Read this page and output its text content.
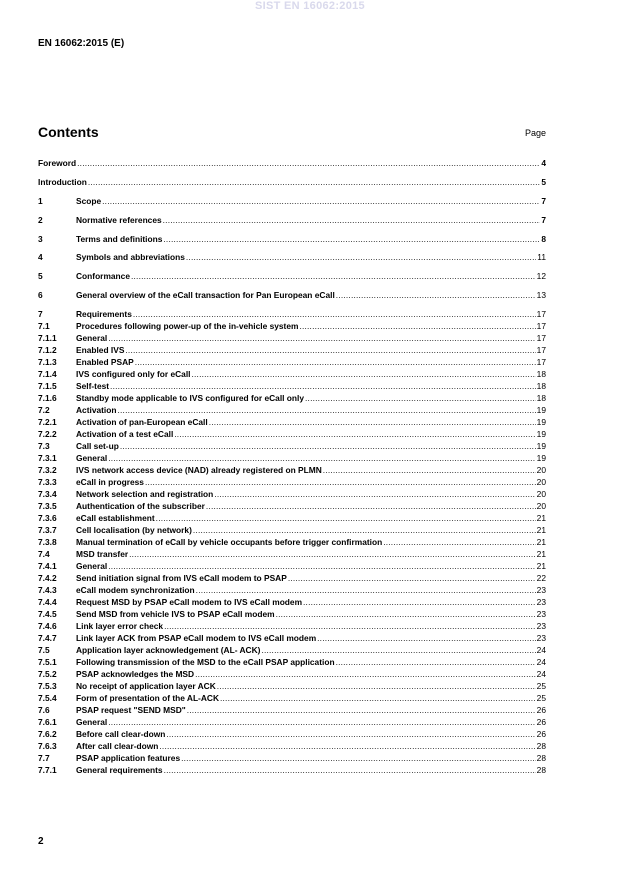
SIST EN 16062:2015
EN 16062:2015 (E)
Contents	Page
Foreword .....	4
Introduction .....	5
1	Scope .....	7
2	Normative references .....	7
3	Terms and definitions .....	8
4	Symbols and abbreviations .....	11
5	Conformance .....	12
6	General overview of the eCall transaction for Pan European eCall .....	13
7	Requirements .....	17
7.1	Procedures following power-up of the in-vehicle system .....	17
7.1.1	General .....	17
7.1.2	Enabled IVS .....	17
7.1.3	Enabled PSAP .....	17
7.1.4	IVS configured only for eCall .....	18
7.1.5	Self-test .....	18
7.1.6	Standby mode applicable to IVS configured for eCall only .....	18
7.2	Activation .....	19
7.2.1	Activation of pan-European eCall .....	19
7.2.2	Activation of a test eCall .....	19
7.3	Call set-up .....	19
7.3.1	General .....	19
7.3.2	IVS network access device (NAD) already registered on PLMN .....	20
7.3.3	eCall in progress .....	20
7.3.4	Network selection and registration .....	20
7.3.5	Authentication of the subscriber .....	20
7.3.6	eCall establishment .....	21
7.3.7	Cell localisation (by network) .....	21
7.3.8	Manual termination of eCall by vehicle occupants before trigger confirmation .....	21
7.4	MSD transfer .....	21
7.4.1	General .....	21
7.4.2	Send initiation signal from IVS eCall modem to PSAP .....	22
7.4.3	eCall modem synchronization .....	23
7.4.4	Request MSD by PSAP eCall modem to IVS eCall modem .....	23
7.4.5	Send MSD from vehicle IVS to PSAP eCall modem .....	23
7.4.6	Link layer error check .....	23
7.4.7	Link layer ACK from PSAP eCall modem to IVS eCall modem .....	23
7.5	Application layer acknowledgement (AL- ACK) .....	24
7.5.1	Following transmission of the MSD to the eCall PSAP application .....	24
7.5.2	PSAP acknowledges the MSD .....	24
7.5.3	No receipt of application layer ACK .....	25
7.5.4	Form of presentation of the AL-ACK .....	25
7.6	PSAP request "SEND MSD" .....	26
7.6.1	General .....	26
7.6.2	Before call clear-down .....	26
7.6.3	After call clear-down .....	28
7.7	PSAP application features .....	28
7.7.1	General requirements .....	28
2
